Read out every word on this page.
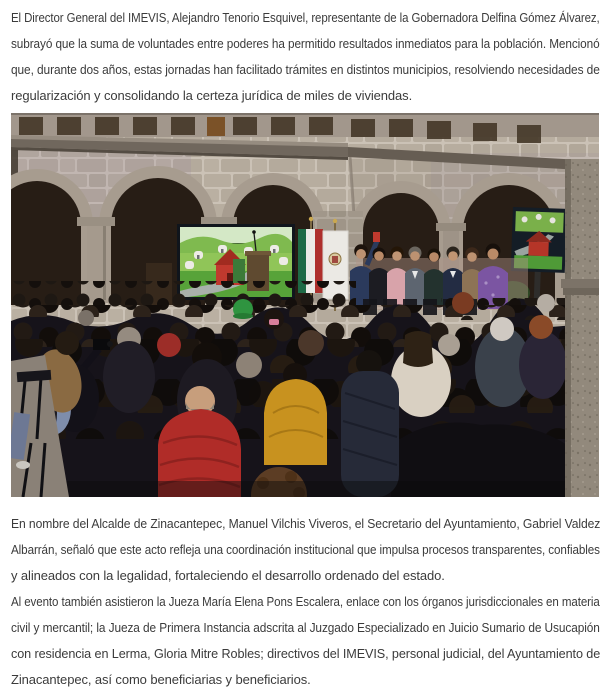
El Director General del IMEVIS, Alejandro Tenorio Esquivel, representante de la Gobernadora Delfina Gómez Álvarez,
subrayó que la suma de voluntades entre poderes ha permitido resultados inmediatos para la población. Mencionó
que, durante dos años, estas jornadas han facilitado trámites en distintos municipios, resolviendo necesidades de
regularización y consolidando la certeza jurídica de miles de viviendas.

En nombre del Alcalde de Zinacantepec, Manuel Vilchis Viveros, el Secretario del Ayuntamiento, Gabriel Valdez
Albarrán, señaló que este acto refleja una coordinación institucional que impulsa procesos transparentes, confiables
y alineados con la legalidad, fortaleciendo el desarrollo ordenado del estado.

Al evento también asistieron la Jueza María Elena Pons Escalera, enlace con los órganos jurisdiccionales en materia
civil y mercantil; la Jueza de Primera Instancia adscrita al Juzgado Especializado en Juicio Sumario de Usucapión
con residencia en Lerma, Gloria Mitre Robles; directivos del IMEVIS, personal judicial, del Ayuntamiento de
Zinacantepec, así como beneficiarias y beneficiarios.
